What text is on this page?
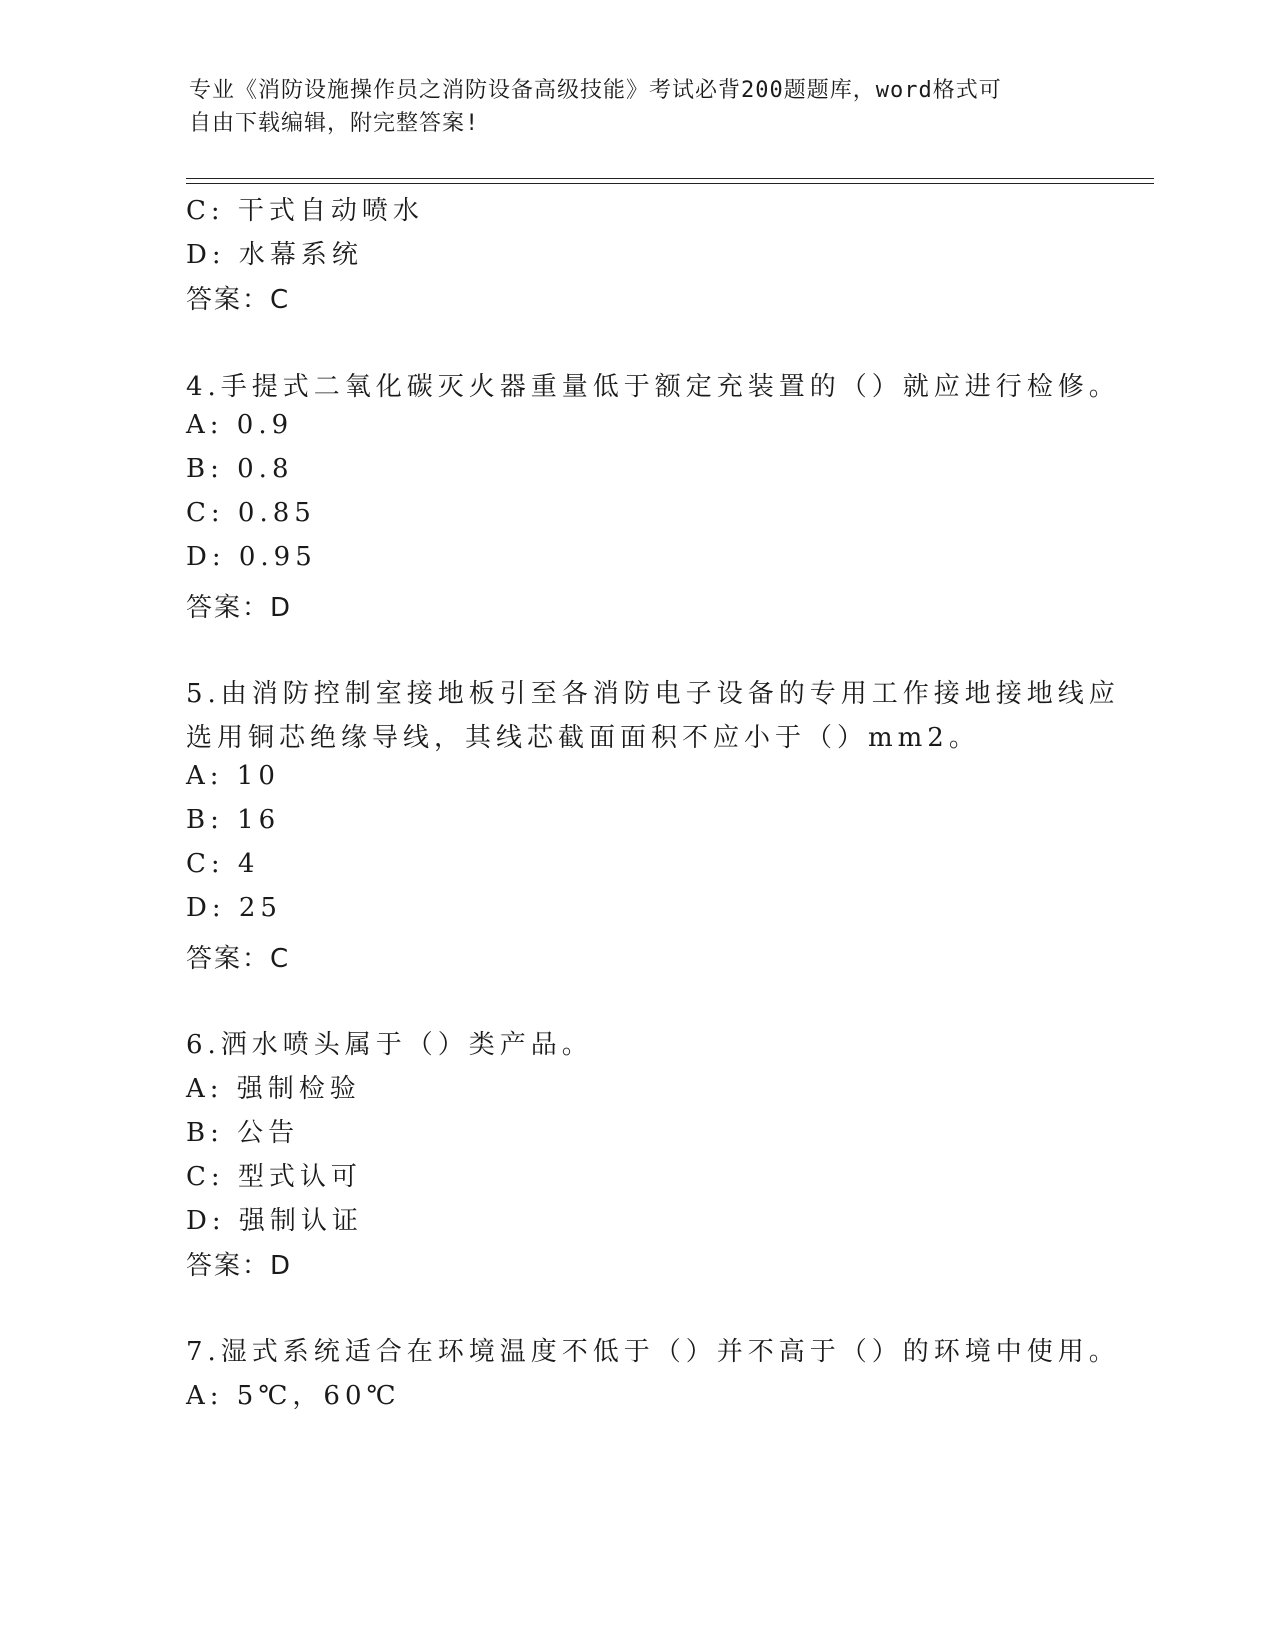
专业《消防设施操作员之消防设备高级技能》考试必背200题题库，word格式可
自由下载编辑，附完整答案!
C: 干式自动喷水
D: 水幕系统
答案：C
4.手提式二氧化碳灭火器重量低于额定充装置的（）就应进行检修。
A: 0.9
B: 0.8
C: 0.85
D: 0.95
答案：D
5.由消防控制室接地板引至各消防电子设备的专用工作接地接地线应
选用铜芯绝缘导线，其线芯截面面积不应小于（）mm2。
A: 10
B: 16
C: 4
D: 25
答案：C
6.洒水喷头属于（）类产品。
A: 强制检验
B: 公告
C: 型式认可
D: 强制认证
答案：D
7.湿式系统适合在环境温度不低于（）并不高于（）的环境中使用。
A: 5℃，60℃
